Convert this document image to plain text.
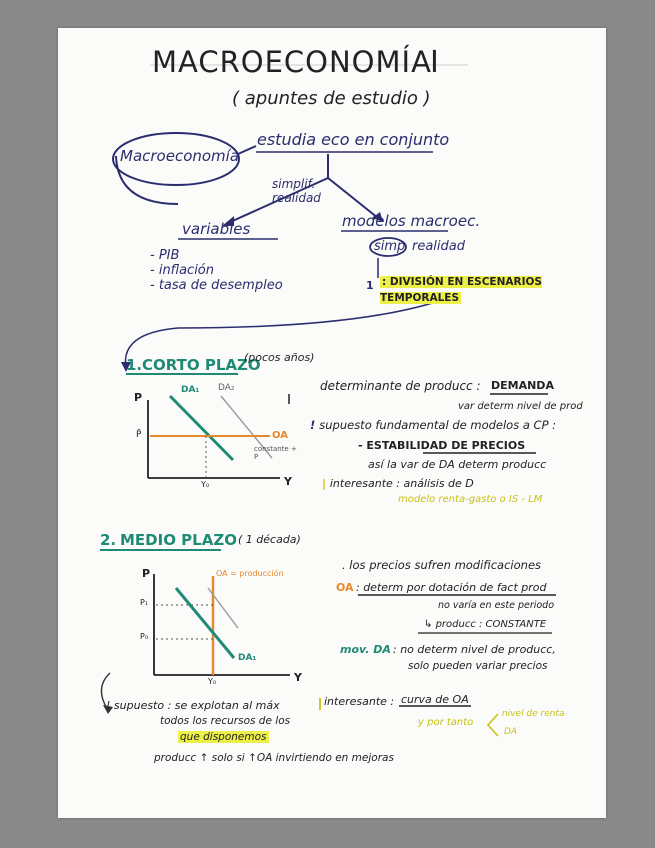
MACROECONOMÍA
I
( apuntes de estudio )
Macroeconomía
estudia eco en conjunto
simplif. realidad
variables	modelos macroec.
- PIB
- inflación
- tasa de desempleo
simp realidad
1 : DIVISIÓN EN ESCENARIOS TEMPORALES
1. CORTO PLAZO
(pocos años)
P
Y
P̄
Y₀
DA₁ DA₂
OA
constante + P
determinante de producc : DEMANDA
var determ nivel de prod
! supuesto fundamental de modelos a CP :
- ESTABILIDAD DE PRECIOS
así la var de DA determ producc
| interesante : análisis de D
modelo renta-gasto o IS - LM
2. MEDIO PLAZO ( 1 década)
P
Y
P₁
P₀
Y₀
OA = producción
DA₁
. los precios sufren modificaciones
OA : determ por dotación de fact prod
no varía en este periodo
↳ producc : CONSTANTE
mov. DA : no determ nivel de producc,
solo pueden variar precios
interesante : curva de OA
y por tanto
nivel de renta
DA
! supuesto : se explotan al máx
todos los recursos de los
que disponemos
producc ↑ solo si ↑OA invirtiendo en mejoras
